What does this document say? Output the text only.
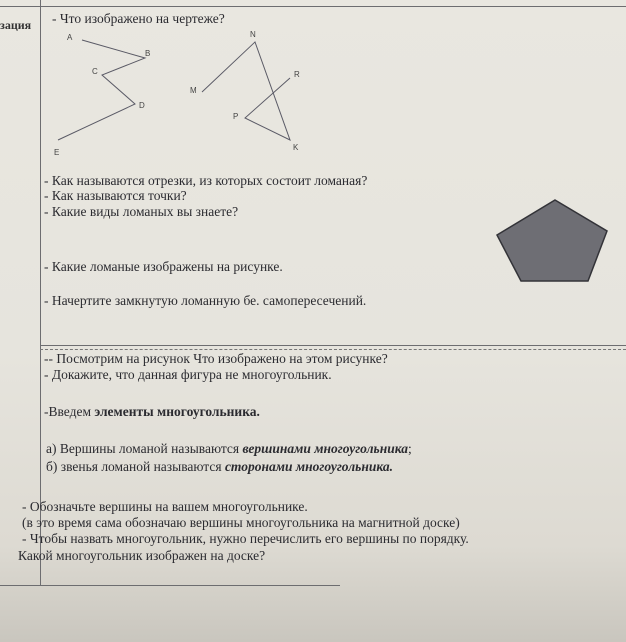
зация - Что изображено на чертеже?
A
B
C
D
E
M
N
R
P
K
- Как называются отрезки, из которых состоит ломаная?
- Как называются точки?
- Какие виды ломаных вы знаете?
- Какие ломаные изображены на рисунке.
- Начертите замкнутую ломанную бе. самопересечений.
-- Посмотрим на рисунок Что изображено на этом рисунке?
- Докажите, что данная фигура не многоугольник.
-Введем элементы многоугольника.
а) Вершины ломаной называются вершинами многоугольника;
б) звенья ломаной называются сторонами многоугольника.
- Обозначьте вершины на вашем многоугольнике.
(в это время сама обозначаю вершины многоугольника на магнитной доске)
- Чтобы назвать многоугольник, нужно перечислить его вершины по порядку.
Какой многоугольник изображен на доске?
